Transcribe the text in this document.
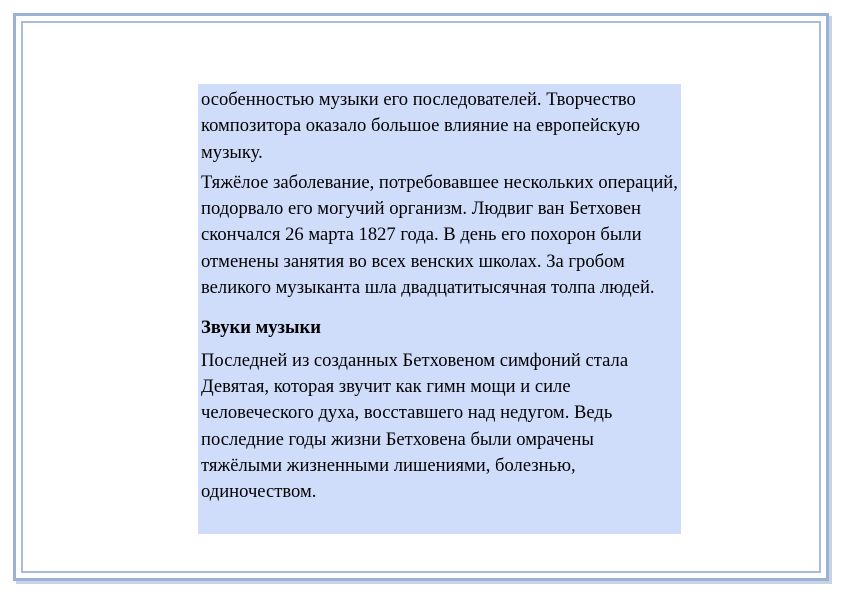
особенностью музыки его последователей. Творчество композитора оказало большое влияние на европейскую музыку.

Тяжёлое заболевание, потребовавшее нескольких операций, подорвало его могучий организм. Людвиг ван Бетховен скончался 26 марта 1827 года. В день его похорон были отменены занятия во всех венских школах. За гробом великого музыканта шла двадцатитысячная толпа людей.

Звуки музыки

Последней из созданных Бетховеном симфоний стала Девятая, которая звучит как гимн мощи и силе человеческого духа, восставшего над недугом. Ведь последние годы жизни Бетховена были омрачены тяжёлыми жизненными лишениями, болезнью, одиночеством.
